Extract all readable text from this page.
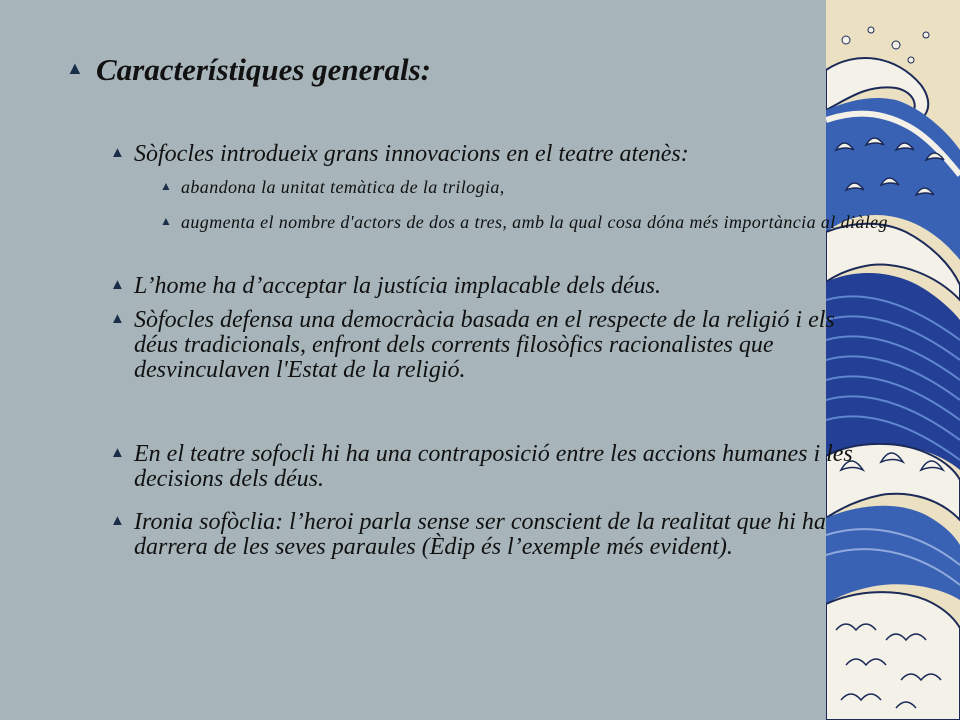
▲ Característiques generals:

▲ Sòfocles introdueix grans innovacions en el teatre atenès:

▲ abandona la unitat temàtica de la trilogia,

▲ augmenta el nombre d'actors de dos a tres, amb la qual cosa dóna més importància al diàleg

▲ L’home ha d’acceptar la justícia implacable dels déus.

▲ Sòfocles defensa una democràcia basada en el respecte de la religió i els déus tradicionals, enfront dels corrents filosòfics racionalistes que desvinculaven l'Estat de la religió.

▲ En el teatre sofocli hi ha una contraposició entre les accions humanes i les decisions dels déus.

▲ Ironia sofòclia: l’heroi parla sense ser conscient de la realitat que hi ha darrera de les seves paraules (Èdip és l’exemple més evident).
